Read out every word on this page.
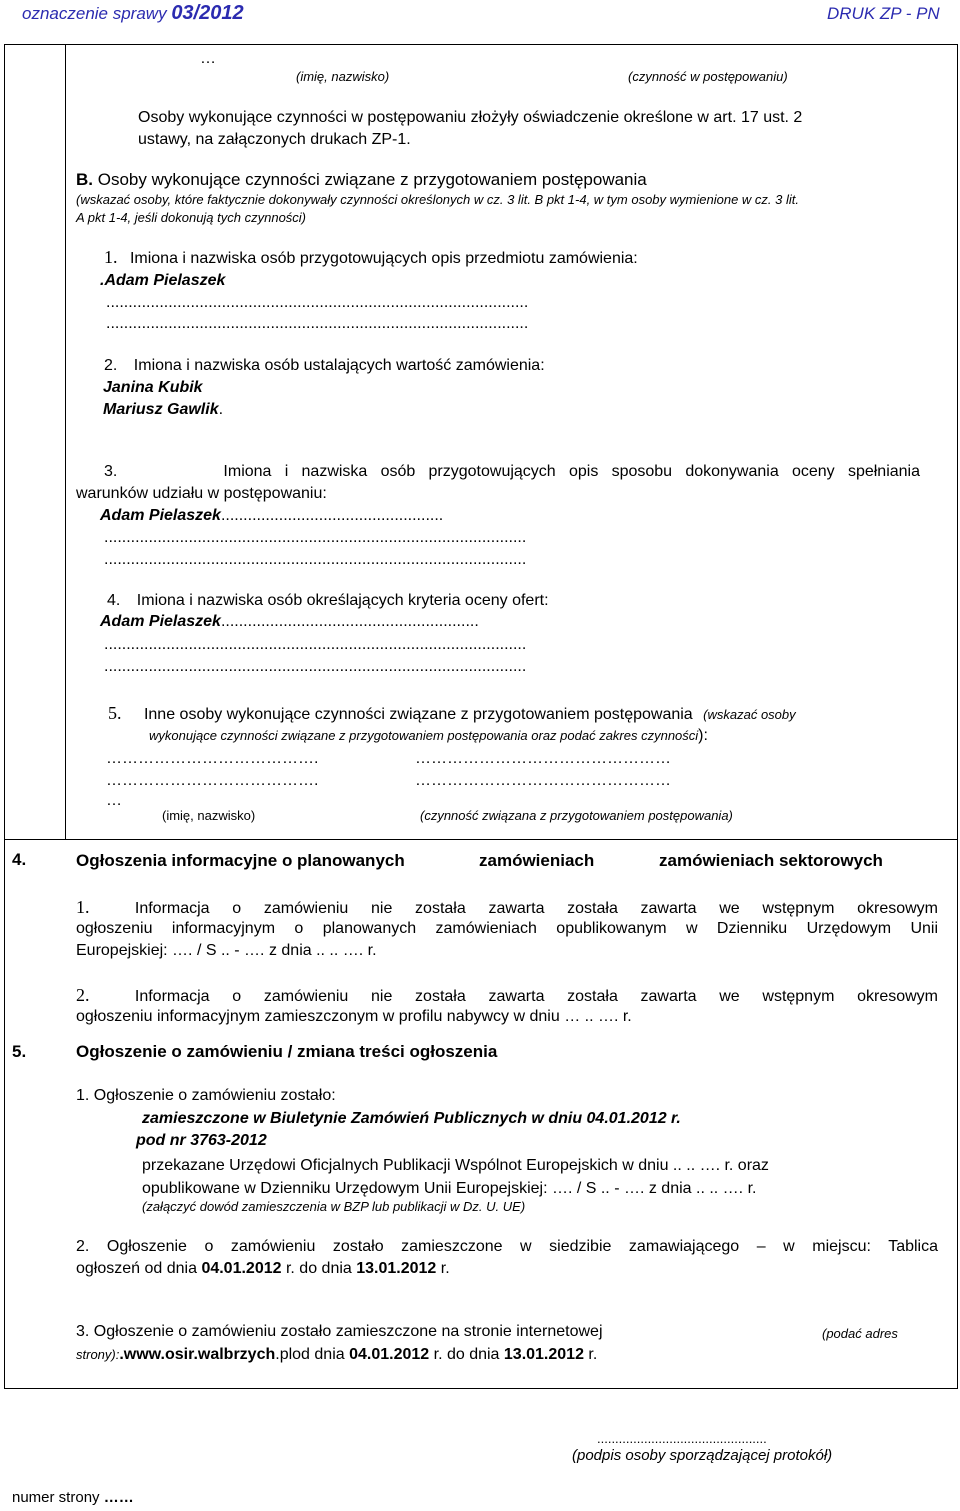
oznaczenie sprawy 03/2012	DRUK ZP - PN
…
(imię, nazwisko)	(czynność w postępowaniu)
Osoby wykonujące czynności w postępowaniu złożyły oświadczenie określone w art. 17 ust. 2
ustawy, na załączonych drukach ZP-1.
B. Osoby wykonujące czynności związane z przygotowaniem postępowania
(wskazać osoby, które faktycznie dokonywały czynności określonych w cz. 3 lit. B pkt 1-4, w tym osoby wymienione w cz. 3 lit.
A pkt 1-4, jeśli dokonują tych czynności)
1. Imiona i nazwiska osób przygotowujących opis przedmiotu zamówienia:
.Adam Pielaszek
...............................................................................................
...............................................................................................
2. Imiona i nazwiska osób ustalających wartość zamówienia:
Janina Kubik
Mariusz Gawlik.
3.	Imiona i nazwiska osób przygotowujących opis sposobu dokonywania oceny spełniania
warunków udziału w postępowaniu:
Adam Pielaszek..................................................
...............................................................................................
...............................................................................................
4. Imiona i nazwiska osób określających kryteria oceny ofert:
Adam Pielaszek..........................................................
...............................................................................................
...............................................................................................
5. Inne osoby wykonujące czynności związane z przygotowaniem postępowania (wskazać osoby
wykonujące czynności związane z przygotowaniem postępowania oraz podać zakres czynności):
………………………………….	…………………………………………
………………………………….	…………………………………………
…
(imię, nazwisko)	(czynność związana z przygotowaniem postępowania)
4.	Ogłoszenia informacyjne o planowanych	zamówieniach	zamówieniach sektorowych
1.	Informacja o zamówieniu nie została zawarta została zawarta we wstępnym okresowym
ogłoszeniu informacyjnym o planowanych zamówieniach opublikowanym w Dzienniku Urzędowym Unii
Europejskiej: …. / S .. - …. z dnia .. .. …. r.
2.	Informacja o zamówieniu nie została zawarta została zawarta we wstępnym okresowym
ogłoszeniu informacyjnym zamieszczonym w profilu nabywcy w dniu … .. …. r.
5.	Ogłoszenie o zamówieniu / zmiana treści ogłoszenia
1. Ogłoszenie o zamówieniu zostało:
zamieszczone w Biuletynie Zamówień Publicznych w dniu 04.01.2012 r.
pod nr 3763-2012
przekazane Urzędowi Oficjalnych Publikacji Wspólnot Europejskich w dniu .. .. …. r. oraz
opublikowane w Dzienniku Urzędowym Unii Europejskiej: …. / S .. - …. z dnia .. .. …. r.
(załączyć dowód zamieszczenia w BZP lub publikacji w Dz. U. UE)
2. Ogłoszenie o zamówieniu zostało zamieszczone w siedzibie zamawiającego – w miejscu: Tablica
ogłoszeń od dnia 04.01.2012 r. do dnia 13.01.2012 r.
3. Ogłoszenie o zamówieniu zostało zamieszczone na stronie internetowej	(podać adres
strony):.www.osir.walbrzych.plod dnia 04.01.2012 r. do dnia 13.01.2012 r.
...............................................
(podpis osoby sporządzającej protokół)
numer strony ……
